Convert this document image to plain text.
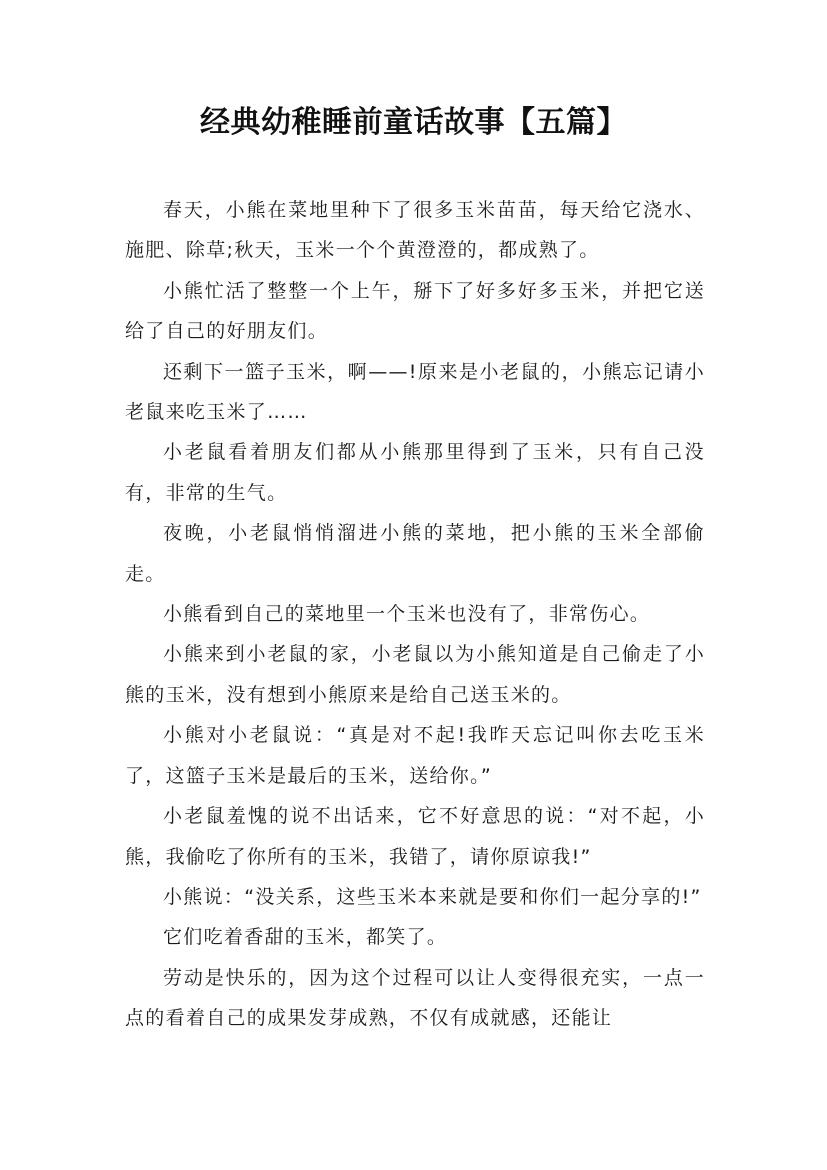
经典幼稚睡前童话故事【五篇】

春天，小熊在菜地里种下了很多玉米苗苗，每天给它浇水、施肥、除草;秋天，玉米一个个黄澄澄的，都成熟了。

小熊忙活了整整一个上午，掰下了好多好多玉米，并把它送给了自己的好朋友们。

还剩下一篮子玉米，啊——!原来是小老鼠的，小熊忘记请小老鼠来吃玉米了……

小老鼠看着朋友们都从小熊那里得到了玉米，只有自己没有，非常的生气。

夜晚，小老鼠悄悄溜进小熊的菜地，把小熊的玉米全部偷走。

小熊看到自己的菜地里一个玉米也没有了，非常伤心。

小熊来到小老鼠的家，小老鼠以为小熊知道是自己偷走了小熊的玉米，没有想到小熊原来是给自己送玉米的。

小熊对小老鼠说：“真是对不起!我昨天忘记叫你去吃玉米了，这篮子玉米是最后的玉米，送给你。”

小老鼠羞愧的说不出话来，它不好意思的说：“对不起，小熊，我偷吃了你所有的玉米，我错了，请你原谅我!”

小熊说：“没关系，这些玉米本来就是要和你们一起分享的!”

它们吃着香甜的玉米，都笑了。

劳动是快乐的，因为这个过程可以让人变得很充实，一点一点的看着自己的成果发芽成熟，不仅有成就感，还能让
